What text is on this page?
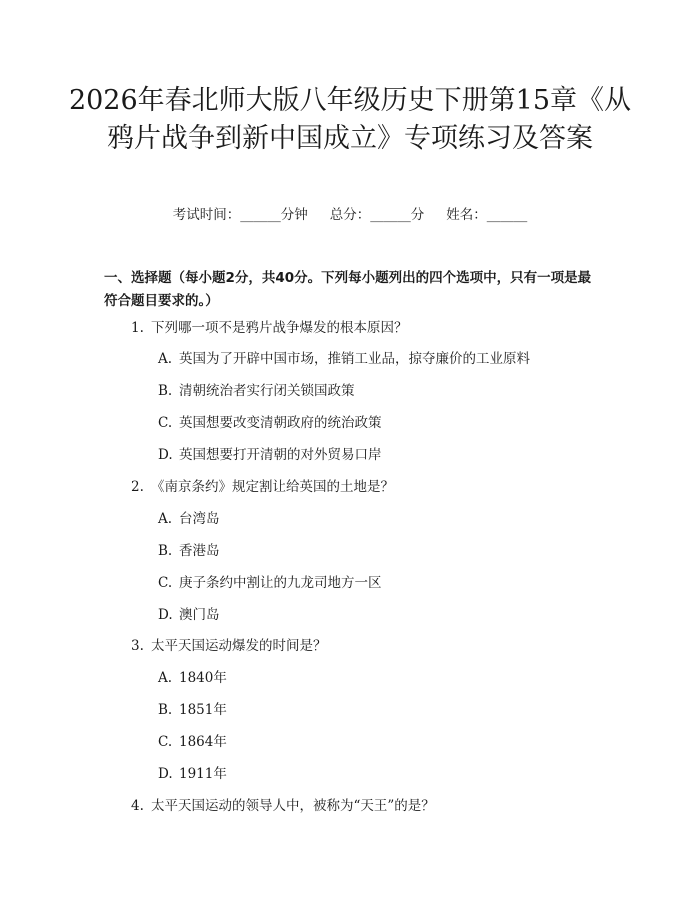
2026年春北师大版八年级历史下册第15章《从鸦片战争到新中国成立》专项练习及答案
考试时间：______分钟 总分：______分 姓名：______
一、选择题（每小题2分，共40分。下列每小题列出的四个选项中，只有一项是最符合题目要求的。）
1. 下列哪一项不是鸦片战争爆发的根本原因？
A. 英国为了开辟中国市场，推销工业品，掠夺廉价的工业原料
B. 清朝统治者实行闭关锁国政策
C. 英国想要改变清朝政府的统治政策
D. 英国想要打开清朝的对外贸易口岸
2. 《南京条约》规定割让给英国的土地是？
A. 台湾岛
B. 香港岛
C. 庚子条约中割让的九龙司地方一区
D. 澳门岛
3. 太平天国运动爆发的时间是？
A. 1840年
B. 1851年
C. 1864年
D. 1911年
4. 太平天国运动的领导人中，被称为“天王”的是？
